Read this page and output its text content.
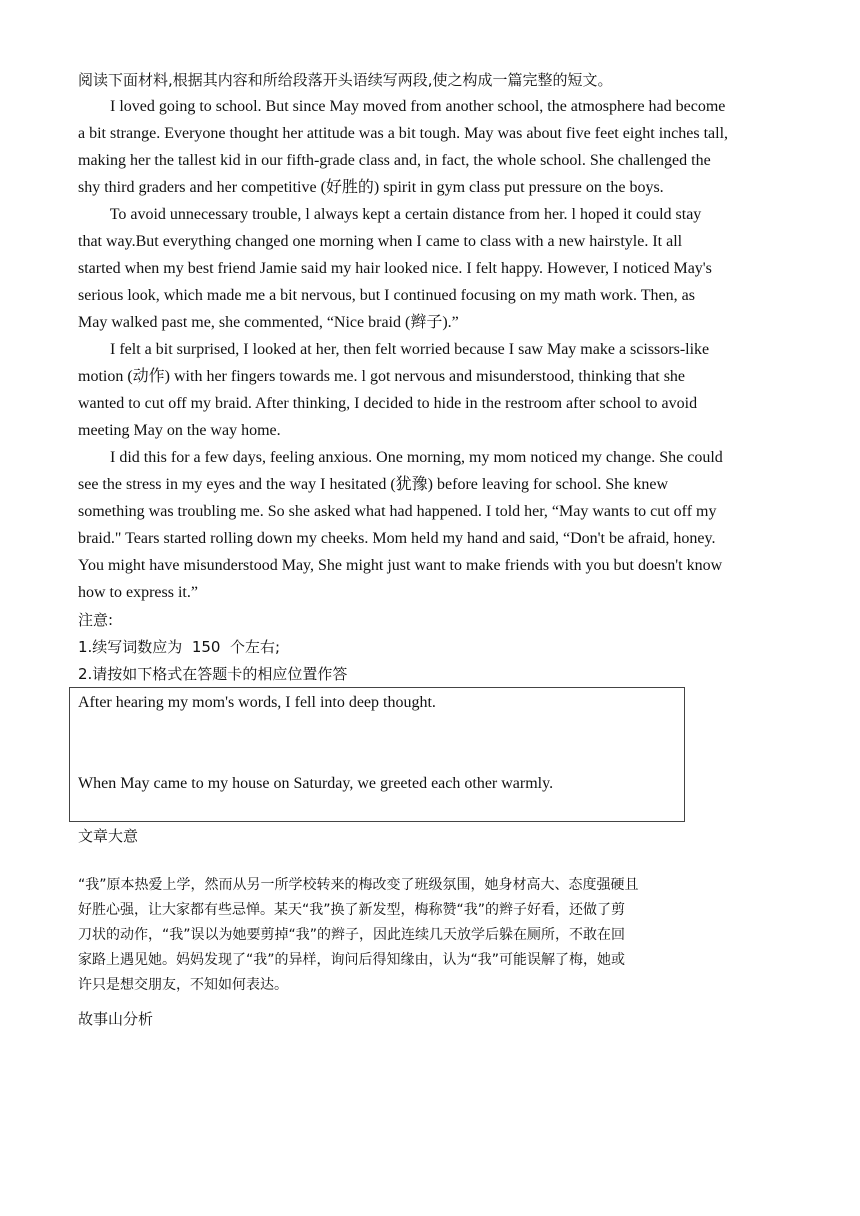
阅读下面材料,根据其内容和所给段落开头语续写两段,使之构成一篇完整的短文。
I loved going to school. But since May moved from another school, the atmosphere had become
a bit strange. Everyone thought her attitude was a bit tough. May was about five feet eight inches tall,
making her the tallest kid in our fifth-grade class and, in fact, the whole school. She challenged the
shy third graders and her competitive (好胜的) spirit in gym class put pressure on the boys.
To avoid unnecessary trouble, l always kept a certain distance from her. l hoped it could stay
that way.But everything changed one morning when I came to class with a new hairstyle. It all
started when my best friend Jamie said my hair looked nice. I felt happy. However, I noticed May's
serious look, which made me a bit nervous, but I continued focusing on my math work. Then, as
May walked past me, she commented, “Nice braid (辫子).”
I felt a bit surprised, I looked at her, then felt worried because I saw May make a scissors-like
motion (动作) with her fingers towards me. l got nervous and misunderstood, thinking that she
wanted to cut off my braid. After thinking, I decided to hide in the restroom after school to avoid
meeting May on the way home.
I did this for a few days, feeling anxious. One morning, my mom noticed my change. She could
see the stress in my eyes and the way I hesitated (犹豫) before leaving for school. She knew
something was troubling me. So she asked what had happened. I told her, “May wants to cut off my
braid." Tears started rolling down my cheeks. Mom held my hand and said, “Don't be afraid, honey.
You might have misunderstood May, She might just want to make friends with you but doesn't know
how to express it.”
注意:
1.续写词数应为  150  个左右;
2.请按如下格式在答题卡的相应位置作答
After hearing my mom's words, I fell into deep thought.
When May came to my house on Saturday, we greeted each other warmly.
文章大意
“我”原本热爱上学，然而从另一所学校转来的梅改变了班级氛围，她身材高大、态度强硬且
好胜心强，让大家都有些忌惮。某天“我”换了新发型，梅称赞“我”的辫子好看，还做了剪
刀状的动作，“我”误以为她要剪掉“我”的辫子，因此连续几天放学后躲在厕所，不敢在回
家路上遇见她。妈妈发现了“我”的异样，询问后得知缘由，认为“我”可能误解了梅，她或
许只是想交朋友，不知如何表达。
故事山分析
